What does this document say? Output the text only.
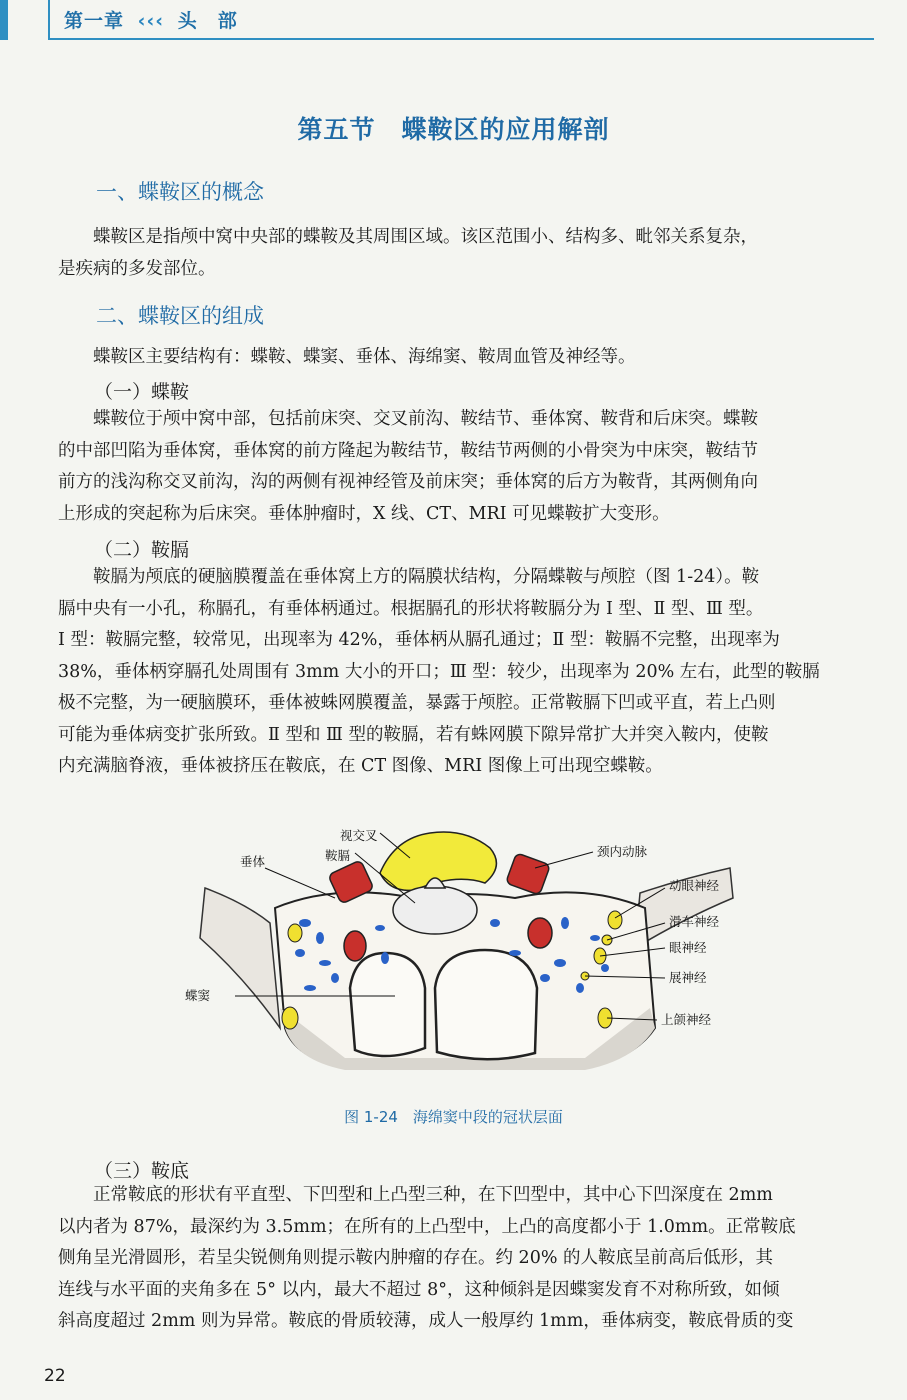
第一章 ‹‹‹ 头　部
第五节　蝶鞍区的应用解剖
一、蝶鞍区的概念
蝶鞍区是指颅中窝中央部的蝶鞍及其周围区域。该区范围小、结构多、毗邻关系复杂，
是疾病的多发部位。
二、蝶鞍区的组成
蝶鞍区主要结构有：蝶鞍、蝶窦、垂体、海绵窦、鞍周血管及神经等。
（一）蝶鞍
蝶鞍位于颅中窝中部，包括前床突、交叉前沟、鞍结节、垂体窝、鞍背和后床突。蝶鞍
的中部凹陷为垂体窝，垂体窝的前方隆起为鞍结节，鞍结节两侧的小骨突为中床突，鞍结节
前方的浅沟称交叉前沟，沟的两侧有视神经管及前床突；垂体窝的后方为鞍背，其两侧角向
上形成的突起称为后床突。垂体肿瘤时，X 线、CT、MRI 可见蝶鞍扩大变形。
（二）鞍膈
鞍膈为颅底的硬脑膜覆盖在垂体窝上方的隔膜状结构，分隔蝶鞍与颅腔（图 1-24）。鞍
膈中央有一小孔，称膈孔，有垂体柄通过。根据膈孔的形状将鞍膈分为 Ⅰ 型、Ⅱ 型、Ⅲ 型。
Ⅰ 型：鞍膈完整，较常见，出现率为 42%，垂体柄从膈孔通过；Ⅱ 型：鞍膈不完整，出现率为
38%，垂体柄穿膈孔处周围有 3mm 大小的开口；Ⅲ 型：较少，出现率为 20% 左右，此型的鞍膈
极不完整，为一硬脑膜环，垂体被蛛网膜覆盖，暴露于颅腔。正常鞍膈下凹或平直，若上凸则
可能为垂体病变扩张所致。Ⅱ 型和 Ⅲ 型的鞍膈，若有蛛网膜下隙异常扩大并突入鞍内，使鞍
内充满脑脊液，垂体被挤压在鞍底，在 CT 图像、MRI 图像上可出现空蝶鞍。
视交叉
鞍膈
垂体
颈内动脉
动眼神经
滑车神经
眼神经
展神经
蝶窦
上颌神经
图 1-24　海绵窦中段的冠状层面
（三）鞍底
正常鞍底的形状有平直型、下凹型和上凸型三种，在下凹型中，其中心下凹深度在 2mm
以内者为 87%，最深约为 3.5mm；在所有的上凸型中，上凸的高度都小于 1.0mm。正常鞍底
侧角呈光滑圆形，若呈尖锐侧角则提示鞍内肿瘤的存在。约 20% 的人鞍底呈前高后低形，其
连线与水平面的夹角多在 5° 以内，最大不超过 8°，这种倾斜是因蝶窦发育不对称所致，如倾
斜高度超过 2mm 则为异常。鞍底的骨质较薄，成人一般厚约 1mm，垂体病变，鞍底骨质的变
22
